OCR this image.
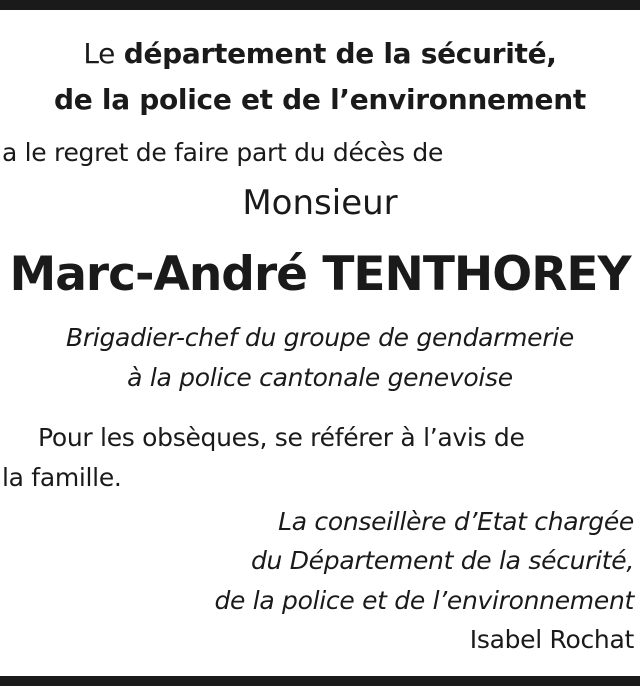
Le département de la sécurité,
de la police et de l’environnement
a le regret de faire part du décès de
Monsieur
Marc-André TENTHOREY
Brigadier-chef du groupe de gendarmerie
à la police cantonale genevoise
Pour les obsèques, se référer à l’avis de
la famille.
La conseillère d’Etat chargée
du Département de la sécurité,
de la police et de l’environnement
Isabel Rochat
